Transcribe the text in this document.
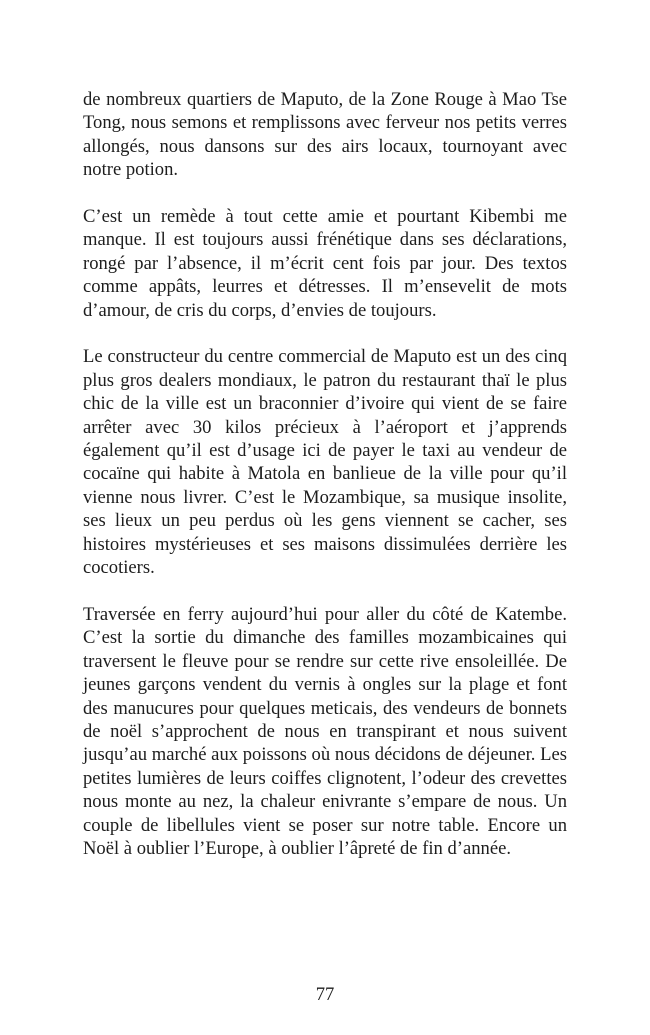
de nombreux quartiers de Maputo, de la Zone Rouge à Mao Tse Tong, nous semons et remplissons avec ferveur nos petits verres allongés, nous dansons sur des airs locaux, tournoyant avec notre potion.

C’est un remède à tout cette amie et pourtant Kibembi me manque. Il est toujours aussi frénétique dans ses déclarations, rongé par l’absence, il m’écrit cent fois par jour. Des textos comme appâts, leurres et détresses. Il m’ensevelit de mots d’amour, de cris du corps, d’envies de toujours.

Le constructeur du centre commercial de Maputo est un des cinq plus gros dealers mondiaux, le patron du restaurant thaï le plus chic de la ville est un braconnier d’ivoire qui vient de se faire arrêter avec 30 kilos précieux à l’aéroport et j’apprends également qu’il est d’usage ici de payer le taxi au vendeur de cocaïne qui habite à Matola en banlieue de la ville pour qu’il vienne nous livrer. C’est le Mozambique, sa musique insolite, ses lieux un peu perdus où les gens viennent se cacher, ses histoires mystérieuses et ses maisons dissimulées derrière les cocotiers.

Traversée en ferry aujourd’hui pour aller du côté de Katembe. C’est la sortie du dimanche des familles mozambicaines qui traversent le fleuve pour se rendre sur cette rive ensoleillée. De jeunes garçons vendent du vernis à ongles sur la plage et font des manucures pour quelques meticais, des vendeurs de bonnets de noël s’approchent de nous en transpirant et nous suivent jusqu’au marché aux poissons où nous décidons de déjeuner. Les petites lumières de leurs coiffes clignotent, l’odeur des crevettes nous monte au nez, la chaleur enivrante s’empare de nous. Un couple de libellules vient se poser sur notre table. Encore un Noël à oublier l’Europe, à oublier l’âpreté de fin d’année.

77
